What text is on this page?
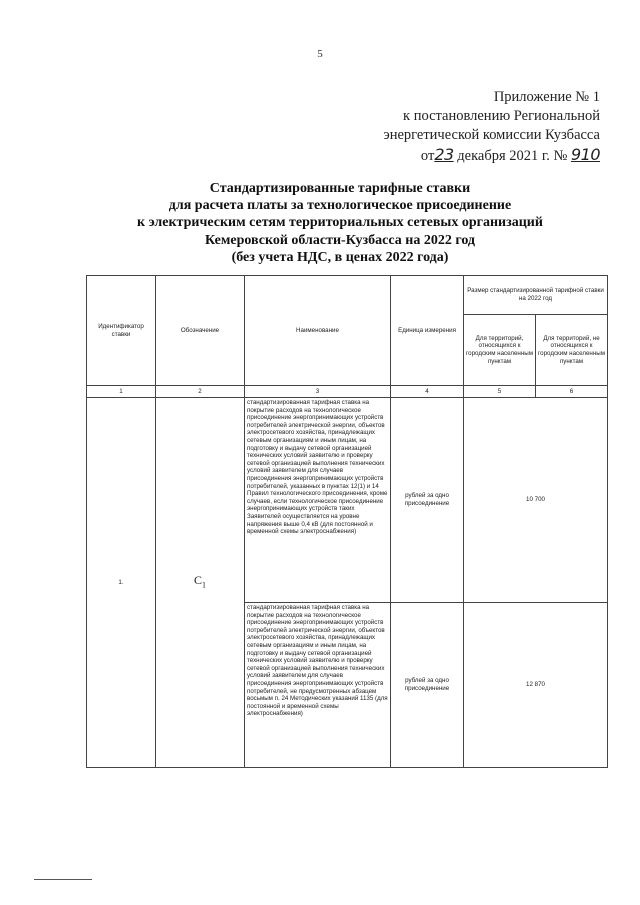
5
Приложение № 1
к постановлению Региональной
энергетической комиссии Кузбасса
от23 декабря 2021 г. № 910
Стандартизированные тарифные ставки
для расчета платы за технологическое присоединение
к электрическим сетям территориальных сетевых организаций
Кемеровской области-Кузбасса на 2022 год
(без учета НДС, в ценах 2022 года)
Идентификатор ставки	Обозначение	Наименование	Единица измерения	Размер стандартизированной тарифной ставки на 2022 год	
				Для территорий, относящихся к городским населенным пунктам	Для территорий, не относящихся к городским населенным пунктам
1	2	3	4	5	6
1.	$C_1$	стандартизированная тарифная ставка на покрытие расходов на технологическое присоединение энергопринимающих устройств потребителей электрической энергии, объектов электросетевого хозяйства, принадлежащих сетевым организациям и иным лицам, на подготовку и выдачу сетевой организацией технических условий заявителю и проверку сетевой организацией выполнения технических условий заявителем для случаев присоединения энергопринимающих устройств потребителей, указанных в пунктах 12(1) и 14 Правил технологического присоединения, кроме случаев, если технологическое присоединение энергопринимающих устройств таких Заявителей осуществляется на уровне напряжения выше 0,4 кВ (для постоянной и временной схемы электроснабжения)	рублей за одно присоединение	10 700	
		стандартизированная тарифная ставка на покрытие расходов на технологическое присоединение энергопринимающих устройств потребителей электрической энергии, объектов электросетевого хозяйства, принадлежащих сетевым организациям и иным лицам, на подготовку и выдачу сетевой организацией технических условий заявителю и проверку сетевой организацией выполнения технических условий заявителем для случаев присоединения энергопринимающих устройств потребителей, не предусмотренных абзацем восьмым п. 24 Методических указаний 1135 (для постоянной и временной схемы электроснабжения)	рублей за одно присоединение	12 870	
